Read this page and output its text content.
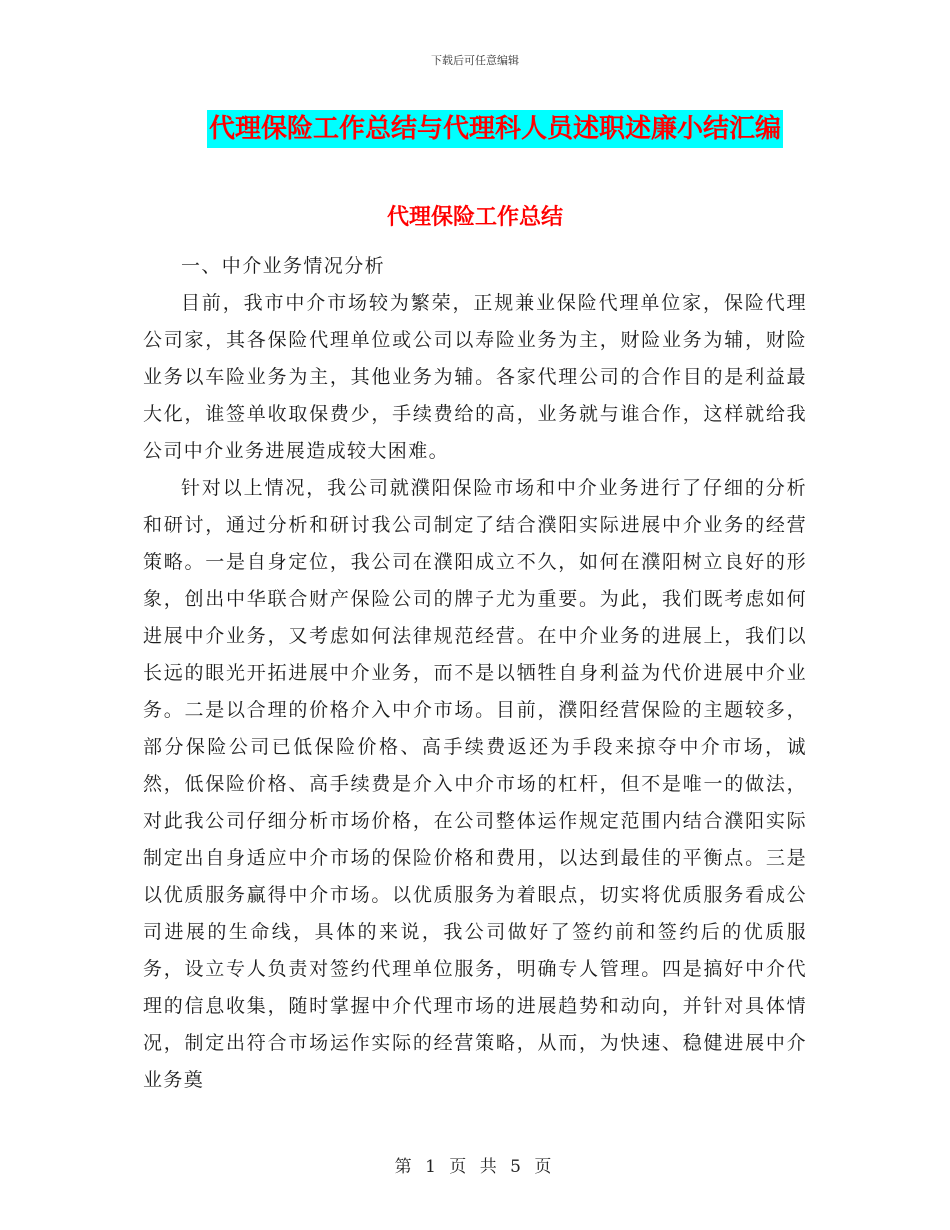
下载后可任意编辑
代理保险工作总结与代理科人员述职述廉小结汇编
代理保险工作总结

一、中介业务情况分析

目前，我市中介市场较为繁荣，正规兼业保险代理单位家，保险代理公司家，其各保险代理单位或公司以寿险业务为主，财险业务为辅，财险业务以车险业务为主，其他业务为辅。各家代理公司的合作目的是利益最大化，谁签单收取保费少，手续费给的高，业务就与谁合作，这样就给我公司中介业务进展造成较大困难。

针对以上情况，我公司就濮阳保险市场和中介业务进行了仔细的分析和研讨，通过分析和研讨我公司制定了结合濮阳实际进展中介业务的经营策略。一是自身定位，我公司在濮阳成立不久，如何在濮阳树立良好的形象，创出中华联合财产保险公司的牌子尤为重要。为此，我们既考虑如何进展中介业务，又考虑如何法律规范经营。在中介业务的进展上，我们以长远的眼光开拓进展中介业务，而不是以牺牲自身利益为代价进展中介业务。二是以合理的价格介入中介市场。目前，濮阳经营保险的主题较多，部分保险公司已低保险价格、高手续费返还为手段来掠夺中介市场，诚然，低保险价格、高手续费是介入中介市场的杠杆，但不是唯一的做法，对此我公司仔细分析市场价格，在公司整体运作规定范围内结合濮阳实际制定出自身适应中介市场的保险价格和费用，以达到最佳的平衡点。三是以优质服务赢得中介市场。以优质服务为着眼点，切实将优质服务看成公司进展的生命线，具体的来说，我公司做好了签约前和签约后的优质服务，设立专人负责对签约代理单位服务，明确专人管理。四是搞好中介代理的信息收集，随时掌握中介代理市场的进展趋势和动向，并针对具体情况，制定出符合市场运作实际的经营策略，从而，为快速、稳健进展中介业务奠

第 1 页 共 5 页
